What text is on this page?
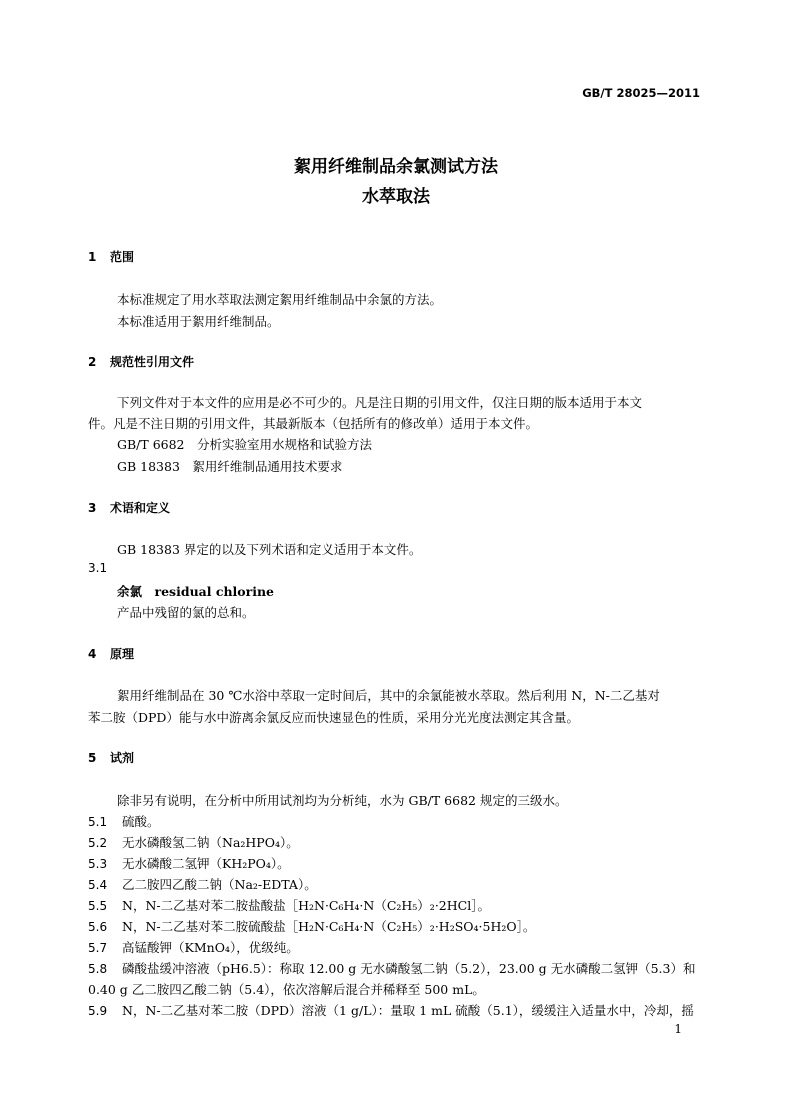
GB/T 28025—2011
絮用纤维制品余氯测试方法
水萃取法
1 范围
本标准规定了用水萃取法测定絮用纤维制品中余氯的方法。
本标准适用于絮用纤维制品。
2 规范性引用文件
下列文件对于本文件的应用是必不可少的。凡是注日期的引用文件，仅注日期的版本适用于本文
件。凡是不注日期的引用文件，其最新版本（包括所有的修改单）适用于本文件。
GB/T 6682　分析实验室用水规格和试验方法
GB 18383　絮用纤维制品通用技术要求
3 术语和定义
GB 18383 界定的以及下列术语和定义适用于本文件。
3.1
余氯　residual chlorine
产品中残留的氯的总和。
4 原理
絮用纤维制品在 30 ℃水浴中萃取一定时间后，其中的余氯能被水萃取。然后利用 N，N-二乙基对
苯二胺（DPD）能与水中游离余氯反应而快速显色的性质，采用分光光度法测定其含量。
5 试剂
除非另有说明，在分析中所用试剂均为分析纯，水为 GB/T 6682 规定的三级水。
5.1 硫酸。
5.2 无水磷酸氢二钠（Na₂HPO₄）。
5.3 无水磷酸二氢钾（KH₂PO₄）。
5.4 乙二胺四乙酸二钠（Na₂-EDTA）。
5.5 N，N-二乙基对苯二胺盐酸盐［H₂N·C₆H₄·N（C₂H₅）₂·2HCl］。
5.6 N，N-二乙基对苯二胺硫酸盐［H₂N·C₆H₄·N（C₂H₅）₂·H₂SO₄·5H₂O］。
5.7 高锰酸钾（KMnO₄），优级纯。
5.8 磷酸盐缓冲溶液（pH6.5）：称取 12.00 g 无水磷酸氢二钠（5.2），23.00 g 无水磷酸二氢钾（5.3）和
0.40 g 乙二胺四乙酸二钠（5.4），依次溶解后混合并稀释至 500 mL。
5.9 N，N-二乙基对苯二胺（DPD）溶液（1 g/L）：量取 1 mL 硫酸（5.1），缓缓注入适量水中，冷却，摇
1
